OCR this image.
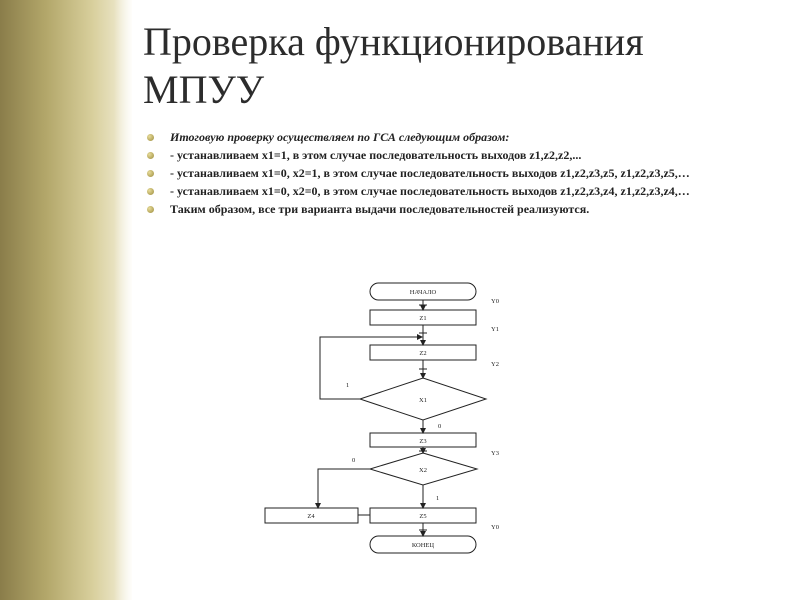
Проверка функционирования
МПУУ
Итоговую проверку осуществляем по ГСА следующим образом:
- устанавливаем x1=1, в этом случае последовательность выходов z1,z2,z2,...
- устанавливаем x1=0, x2=1, в этом случае последовательность выходов z1,z2,z3,z5, z1,z2,z3,z5,…
- устанавливаем x1=0, x2=0, в этом случае последовательность выходов z1,z2,z3,z4, z1,z2,z3,z4,…
Таким образом, все три варианта выдачи последовательностей реализуются.
НАЧАЛО
Z1
Z2
X1
Z3
X2
Z4	Z5
КОНЕЦ
1
0
0
1
Y0
Y1
Y2
Y3
Y0
